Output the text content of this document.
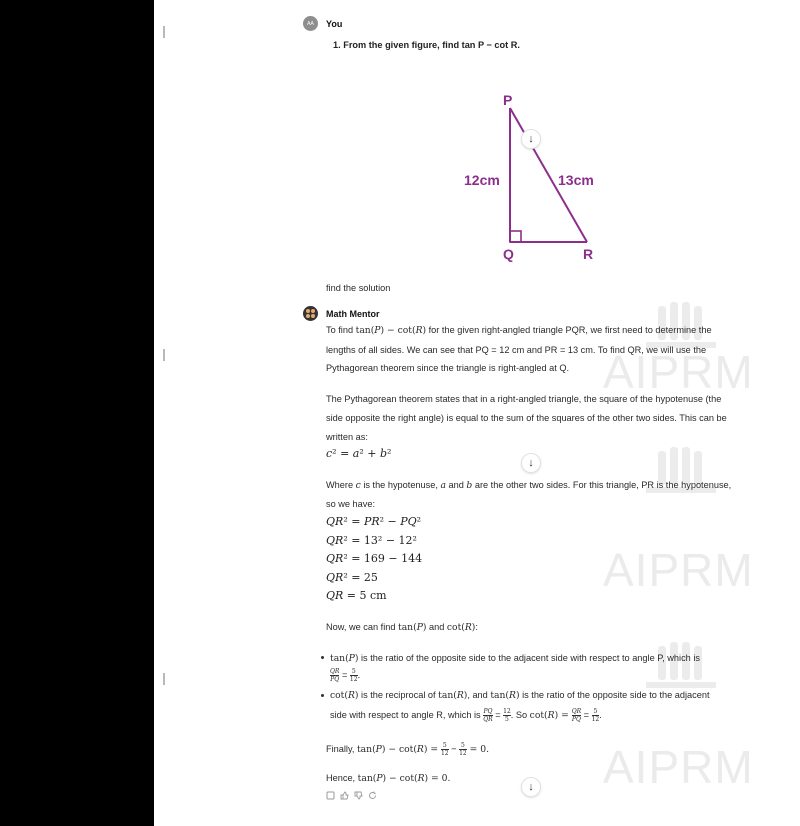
AIPRM
AIPRM
AIPRM
AA	You
1. From the given figure, find tan P − cot R.
P
Q	R
12cm	13cm
↓
find the solution
Math Mentor
To find tan(P) − cot(R) for the given right-angled triangle PQR, we first need to determine the
lengths of all sides. We can see that PQ = 12 cm and PR = 13 cm. To find QR, we will use the
Pythagorean theorem since the triangle is right-angled at Q.
The Pythagorean theorem states that in a right-angled triangle, the square of the hypotenuse (the
side opposite the right angle) is equal to the sum of the squares of the other two sides. This can be
written as:
c² = a² + b²
↓
Where c is the hypotenuse, a and b are the other two sides. For this triangle, PR is the hypotenuse,
so we have:
QR² = PR² − PQ²
QR² = 13² − 12²
QR² = 169 − 144
QR² = 25
QR = 5 cm
Now, we can find tan(P) and cot(R):
tan(P) is the ratio of the opposite side to the adjacent side with respect to angle P, which is
$\frac{QR}{PQ} = \frac{5}{12}$ .
cot(R) is the reciprocal of tan(R), and tan(R) is the ratio of the opposite side to the adjacent
side with respect to angle R, which is $\frac{PQ}{QR} = \frac{12}{5}$ . So $\cot(R) = \frac{QR}{PQ} = \frac{5}{12}$ .
Finally, $\tan(P) - \cot(R) = \frac{5}{12} - \frac{5}{12} = 0$.
Hence, tan(P) − cot(R) = 0.
↓
